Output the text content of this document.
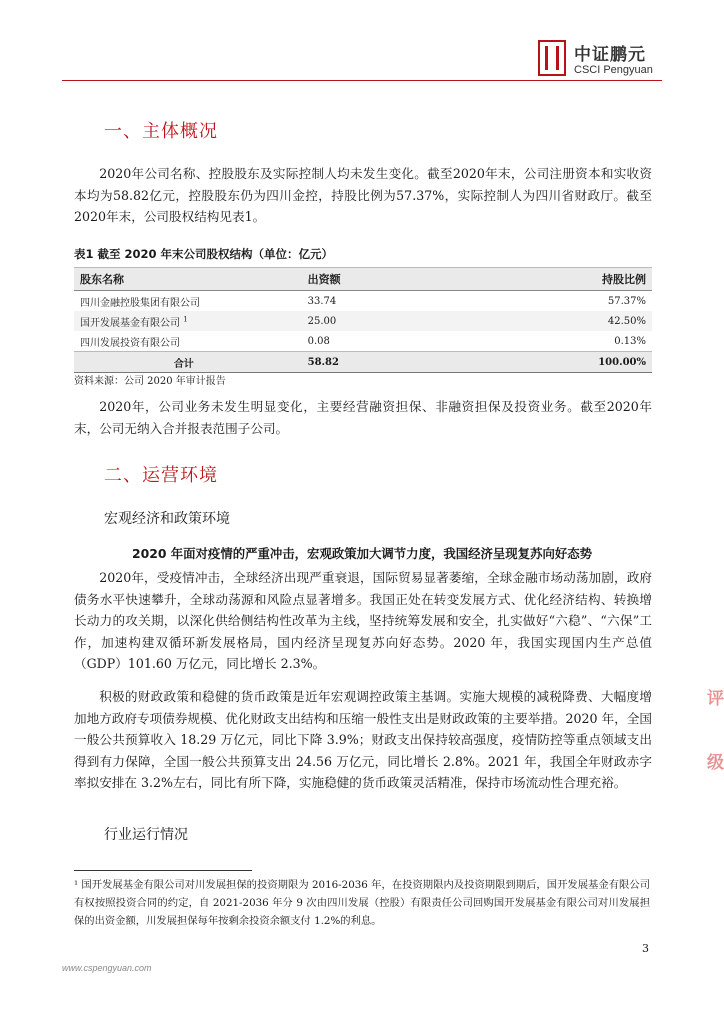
中证鹏元
CSCI Pengyuan
一、主体概况

2020年公司名称、控股股东及实际控制人均未发生变化。截至2020年末，公司注册资本和实收资本均为58.82亿元，控股股东仍为四川金控，持股比例为57.37%，实际控制人为四川省财政厅。截至2020年末，公司股权结构见表1。

表1 截至 2020 年末公司股权结构（单位：亿元）
股东名称	出资额	持股比例
四川金融控股集团有限公司	33.74	57.37%
国开发展基金有限公司 $^1$	25.00	42.50%
四川发展投资有限公司	0.08	0.13%
合计	58.82	100.00%
资料来源：公司 2020 年审计报告

2020年，公司业务未发生明显变化，主要经营融资担保、非融资担保及投资业务。截至2020年末，公司无纳入合并报表范围子公司。

二、运营环境
宏观经济和政策环境
2020 年面对疫情的严重冲击，宏观政策加大调节力度，我国经济呈现复苏向好态势

2020年，受疫情冲击，全球经济出现严重衰退，国际贸易显著萎缩，全球金融市场动荡加剧，政府债务水平快速攀升，全球动荡源和风险点显著增多。我国正处在转变发展方式、优化经济结构、转换增长动力的攻关期，以深化供给侧结构性改革为主线，坚持统筹发展和安全，扎实做好“六稳”、“六保”工作，加速构建双循环新发展格局，国内经济呈现复苏向好态势。2020 年，我国实现国内生产总值（GDP）101.60 万亿元，同比增长 2.3%。

积极的财政政策和稳健的货币政策是近年宏观调控政策主基调。实施大规模的减税降费、大幅度增加地方政府专项债券规模、优化财政支出结构和压缩一般性支出是财政政策的主要举措。2020 年，全国一般公共预算收入 18.29 万亿元，同比下降 3.9%；财政支出保持较高强度，疫情防控等重点领域支出得到有力保障，全国一般公共预算支出 24.56 万亿元，同比增长 2.8%。2021 年，我国全年财政赤字率拟安排在 3.2%左右，同比有所下降，实施稳健的货币政策灵活精准，保持市场流动性合理充裕。

行业运行情况

¹ 国开发展基金有限公司对川发展担保的投资期限为 2016-2036 年，在投资期限内及投资期限到期后，国开发展基金有限公司有权按照投资合同的约定，自 2021-2036 年分 9 次由四川发展（控股）有限责任公司回购国开发展基金有限公司对川发展担保的出资金额，川发展担保每年按剩余投资余额支付 1.2%的利息。

3
www.cspengyuan.com
评
级
